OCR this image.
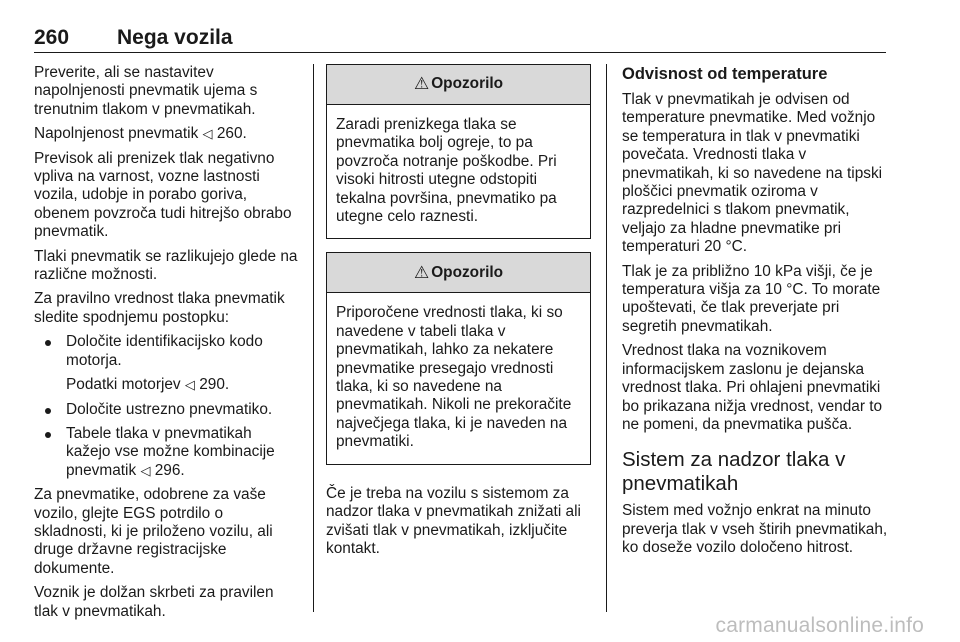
260 Nega vozila

Preverite, ali se nastavitev napolnjenosti pnevmatik ujema s trenutnim tlakom v pnevmatikah.

Napolnjenost pnevmatik ◁ 260.

Previsok ali prenizek tlak negativno vpliva na varnost, vozne lastnosti vozila, udobje in porabo goriva, obenem povzroča tudi hitrejšo obrabo pnevmatik.

Tlaki pnevmatik se razlikujejo glede na različne možnosti.

Za pravilno vrednost tlaka pnevmatik sledite spodnjemu postopku:

Določite identifikacijsko kodo motorja.

Podatki motorjev ◁ 290.

Določite ustrezno pnevmatiko.
Tabele tlaka v pnevmatikah kažejo vse možne kombinacije pnevmatik ◁ 296.

Za pnevmatike, odobrene za vaše vozilo, glejte EGS potrdilo o skladnosti, ki je priloženo vozilu, ali druge državne registracijske dokumente.

Voznik je dolžan skrbeti za pravilen tlak v pnevmatikah.

⚠ Opozorilo
Zaradi prenizkega tlaka se pnevmatika bolj ogreje, to pa povzroča notranje poškodbe. Pri visoki hitrosti utegne odstopiti tekalna površina, pnevmatiko pa utegne celo raznesti.
⚠ Opozorilo
Priporočene vrednosti tlaka, ki so navedene v tabeli tlaka v pnevmatikah, lahko za nekatere pnevmatike presegajo vrednosti tlaka, ki so navedene na pnevmatikah. Nikoli ne prekoračite največjega tlaka, ki je naveden na pnevmatiki.

Če je treba na vozilu s sistemom za nadzor tlaka v pnevmatikah znižati ali zvišati tlak v pnevmatikah, izključite kontakt.

Odvisnost od temperature

Tlak v pnevmatikah je odvisen od temperature pnevmatike. Med vožnjo se temperatura in tlak v pnevmatiki povečata. Vrednosti tlaka v pnevmatikah, ki so navedene na tipski ploščici pnevmatik oziroma v razpredelnici s tlakom pnevmatik, veljajo za hladne pnevmatike pri temperaturi 20 °C.

Tlak je za približno 10 kPa višji, če je temperatura višja za 10 °C. To morate upoštevati, če tlak preverjate pri segretih pnevmatikah.

Vrednost tlaka na voznikovem informacijskem zaslonu je dejanska vrednost tlaka. Pri ohlajeni pnevmatiki bo prikazana nižja vrednost, vendar to ne pomeni, da pnevmatika pušča.

Sistem za nadzor tlaka v pnevmatikah

Sistem med vožnjo enkrat na minuto preverja tlak v vseh štirih pnevmatikah, ko doseže vozilo določeno hitrost.

carmanualsonline.info
